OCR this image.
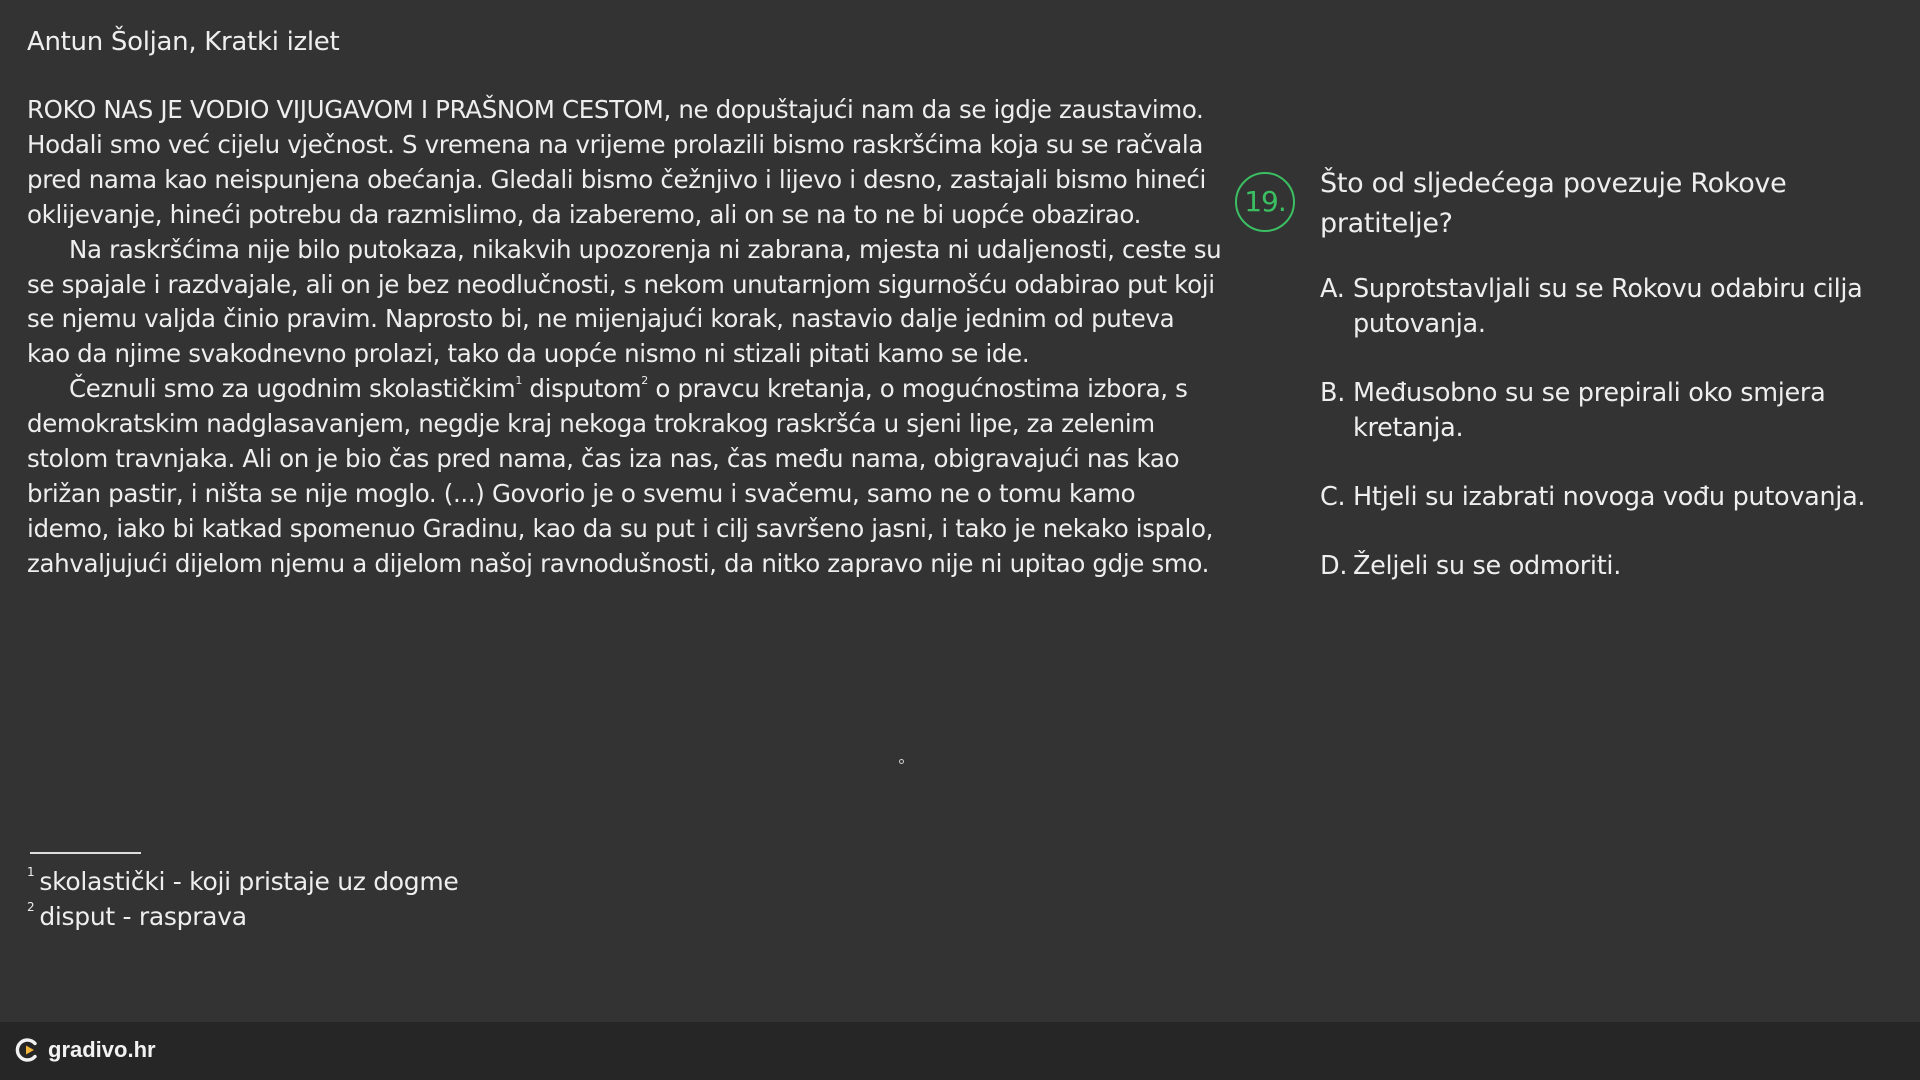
Antun Šoljan, Kratki izlet

ROKO NAS JE VODIO VIJUGAVOM I PRAŠNOM CESTOM, ne dopuštajući nam da se igdje zaustavimo. Hodali smo već cijelu vječnost. S vremena na vrijeme prolazili bismo raskršćima koja su se račvala pred nama kao neispunjena obećanja. Gledali bismo čežnjivo i lijevo i desno, zastajali bismo hineći oklijevanje, hineći potrebu da razmislimo, da izaberemo, ali on se na to ne bi uopće obazirao.

Na raskršćima nije bilo putokaza, nikakvih upozorenja ni zabrana, mjesta ni udaljenosti, ceste su se spajale i razdvajale, ali on je bez neodlučnosti, s nekom unutarnjom sigurnošću odabirao put koji se njemu valjda činio pravim. Naprosto bi, ne mijenjajući korak, nastavio dalje jednim od puteva kao da njime svakodnevno prolazi, tako da uopće nismo ni stizali pitati kamo se ide.

Čeznuli smo za ugodnim skolastičkim$^1$ disputom$^2$ o pravcu kretanja, o mogućnostima izbora, s demokratskim nadglasavanjem, negdje kraj nekoga trokrakog raskršća u sjeni lipe, za zelenim stolom travnjaka. Ali on je bio čas pred nama, čas iza nas, čas među nama, obigravajući nas kao brižan pastir, i ništa se nije moglo. (...) Govorio je o svemu i svačemu, samo ne o tomu kamo idemo, iako bi katkad spomenuo Gradinu, kao da su put i cilj savršeno jasni, i tako je nekako ispalo, zahvaljujući dijelom njemu a dijelom našoj ravnodušnosti, da nitko zapravo nije ni upitao gdje smo.

$^1$ skolastički - koji pristaje uz dogme
$^2$ disput - rasprava
19.
Što od sljedećega povezuje Rokove pratitelje?
A. Suprotstavljali su se Rokovu odabiru cilja putovanja.
B. Međusobno su se prepirali oko smjera kretanja.
C. Htjeli su izabrati novoga vođu putovanja.
D. Željeli su se odmoriti.
gradivo.hr
